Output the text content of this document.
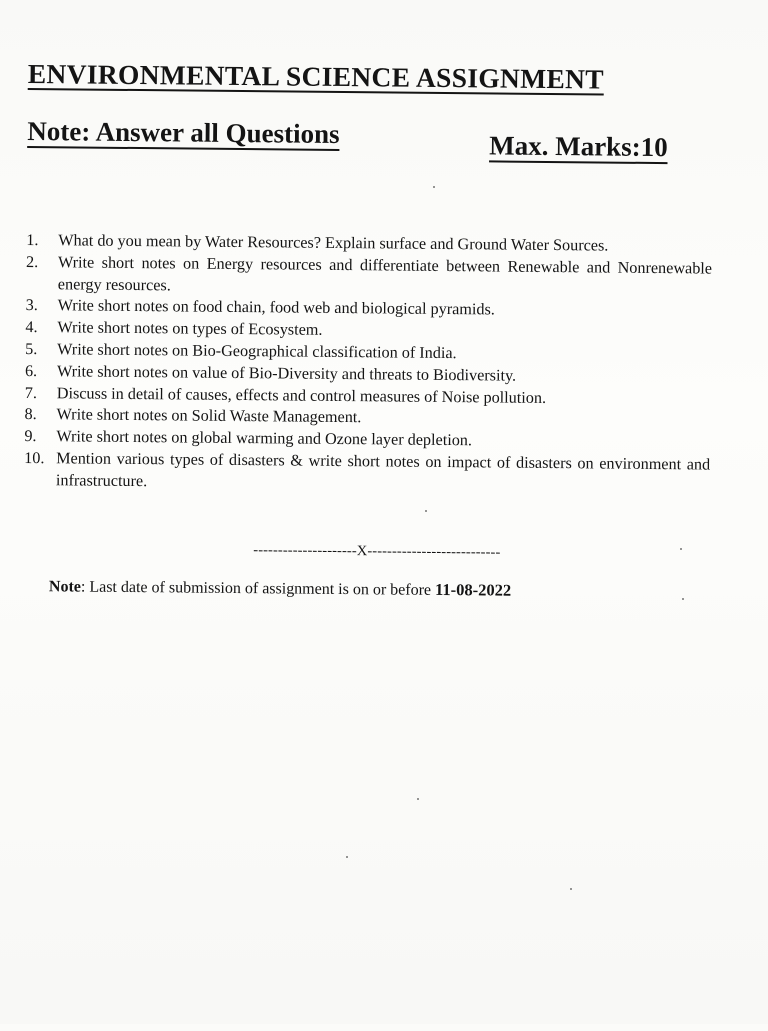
ENVIRONMENTAL SCIENCE ASSIGNMENT
Note: Answer all Questions	Max. Marks:10
1.	What do you mean by Water Resources? Explain surface and Ground Water Sources.
2.	Write short notes on Energy resources and differentiate between Renewable and Nonrenewable energy resources.
3.	Write short notes on food chain, food web and biological pyramids.
4.	Write short notes on types of Ecosystem.
5.	Write short notes on Bio-Geographical classification of India.
6.	Write short notes on value of Bio-Diversity and threats to Biodiversity.
7.	Discuss in detail of causes, effects and control measures of Noise pollution.
8.	Write short notes on Solid Waste Management.
9.	Write short notes on global warming and Ozone layer depletion.
10. Mention various types of disasters & write short notes on impact of disasters on environment and infrastructure.
---------------------X---------------------------
Note: Last date of submission of assignment is on or before 11-08-2022
